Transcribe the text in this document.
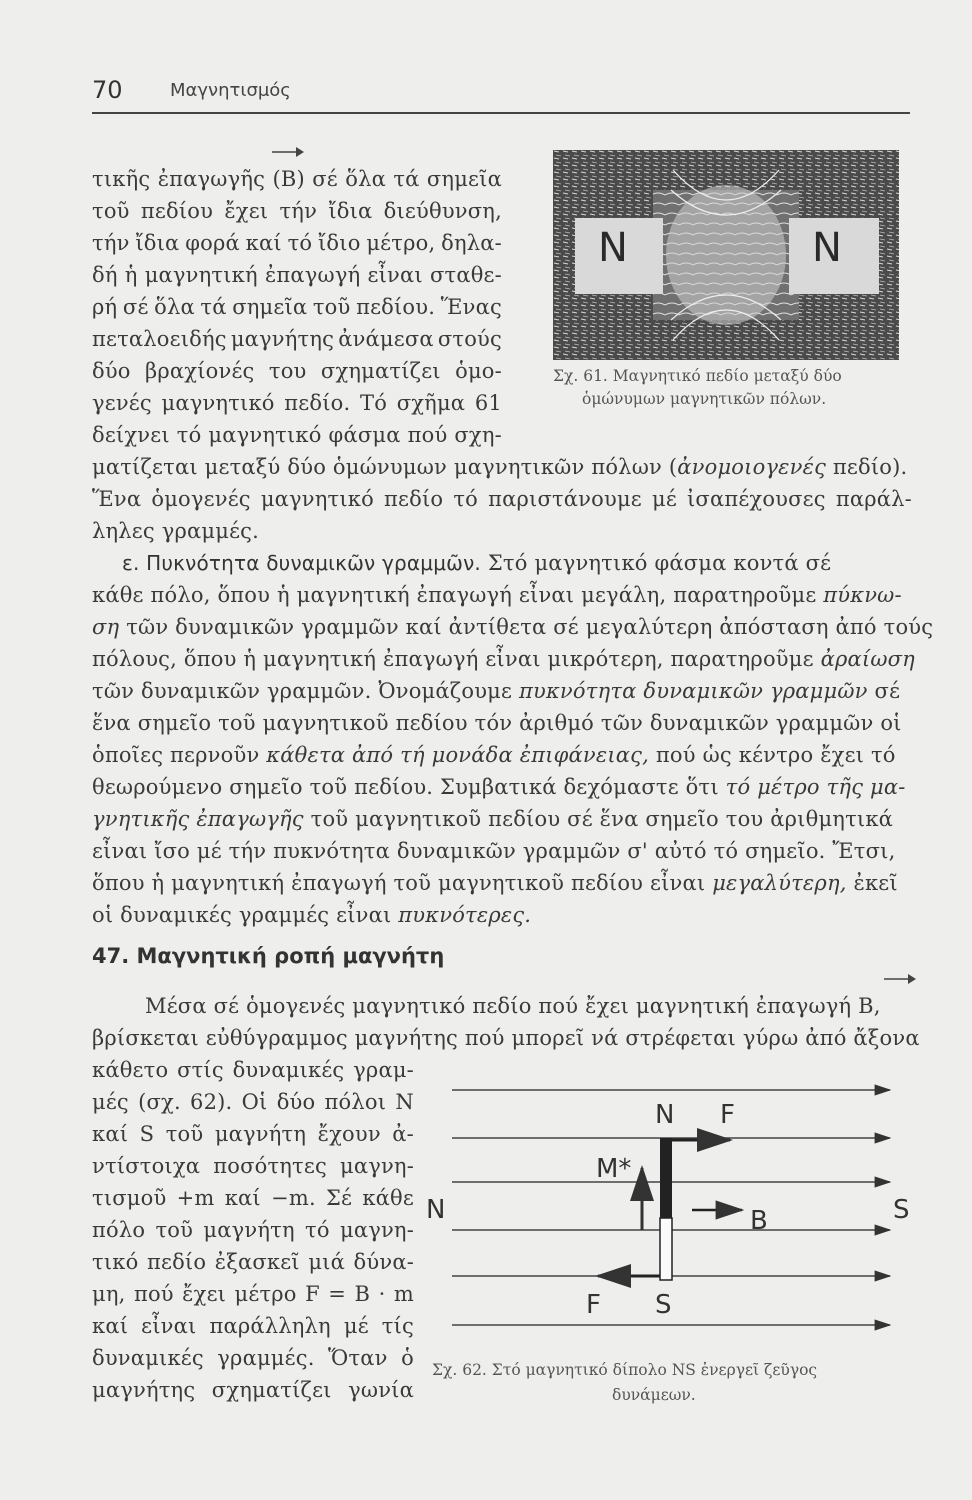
70	Μαγνητισμός
τικῆς ἐπαγωγῆς (B) σέ ὅλα τά σημεῖα
τοῦ πεδίου ἔχει τήν ἴδια διεύθυνση,
τήν ἴδια φορά καί τό ἴδιο μέτρο, δηλα-
δή ἡ μαγνητική ἐπαγωγή εἶναι σταθε-
ρή σέ ὅλα τά σημεῖα τοῦ πεδίου. Ἕνας
πεταλοειδής μαγνήτης ἀνάμεσα στούς
δύο βραχίονές του σχηματίζει ὁμο-
γενές μαγνητικό πεδίο. Τό σχῆμα 61
δείχνει τό μαγνητικό φάσμα πού σχη-
N	N
Σχ. 61. Μαγνητικό πεδίο μεταξύ δύο
ὁμώνυμων μαγνητικῶν πόλων.
ματίζεται μεταξύ δύο ὁμώνυμων μαγνητικῶν πόλων (ἀνομοιογενές πεδίο).
Ἕνα ὁμογενές μαγνητικό πεδίο τό παριστάνουμε μέ ἰσαπέχουσες παράλ-
ληλες γραμμές.
ε. Πυκνότητα δυναμικῶν γραμμῶν. Στό μαγνητικό φάσμα κοντά σέ
κάθε πόλο, ὅπου ἡ μαγνητική ἐπαγωγή εἶναι μεγάλη, παρατηροῦμε πύκνω-
ση τῶν δυναμικῶν γραμμῶν καί ἀντίθετα σέ μεγαλύτερη ἀπόσταση ἀπό τούς
πόλους, ὅπου ἡ μαγνητική ἐπαγωγή εἶναι μικρότερη, παρατηροῦμε ἀραίωση
τῶν δυναμικῶν γραμμῶν. Ὀνομάζουμε πυκνότητα δυναμικῶν γραμμῶν σέ
ἕνα σημεῖο τοῦ μαγνητικοῦ πεδίου τόν ἀριθμό τῶν δυναμικῶν γραμμῶν οἱ
ὁποῖες περνοῦν κάθετα ἀπό τή μονάδα ἐπιφάνειας, πού ὡς κέντρο ἔχει τό
θεωρούμενο σημεῖο τοῦ πεδίου. Συμβατικά δεχόμαστε ὅτι τό μέτρο τῆς μα-
γνητικῆς ἐπαγωγῆς τοῦ μαγνητικοῦ πεδίου σέ ἕνα σημεῖο του ἀριθμητικά
εἶναι ἴσο μέ τήν πυκνότητα δυναμικῶν γραμμῶν σ' αὐτό τό σημεῖο. Ἔτσι,
ὅπου ἡ μαγνητική ἐπαγωγή τοῦ μαγνητικοῦ πεδίου εἶναι μεγαλύτερη, ἐκεῖ
οἱ δυναμικές γραμμές εἶναι πυκνότερες.
47. Μαγνητική ροπή μαγνήτη
Μέσα σέ ὁμογενές μαγνητικό πεδίο πού ἔχει μαγνητική ἐπαγωγή B,
βρίσκεται εὐθύγραμμος μαγνήτης πού μπορεῖ νά στρέφεται γύρω ἀπό ἄξονα
κάθετο στίς δυναμικές γραμ-
μές (σχ. 62). Οἱ δύο πόλοι N
καί S τοῦ μαγνήτη ἔχουν ἀ-
ντίστοιχα ποσότητες μαγνη-
τισμοῦ +m καί −m. Σέ κάθε
πόλο τοῦ μαγνήτη τό μαγνη-
τικό πεδίο ἐξασκεῖ μιά δύνα-
μη, πού ἔχει μέτρο F = B · m
καί εἶναι παράλληλη μέ τίς
δυναμικές γραμμές. Ὅταν ὁ
μαγνήτης σχηματίζει γωνία
N F
M*
N	B	S
F S
Σχ. 62. Στό μαγνητικό δίπολο NS ἐνεργεῖ ζεῦγος
δυνάμεων.
